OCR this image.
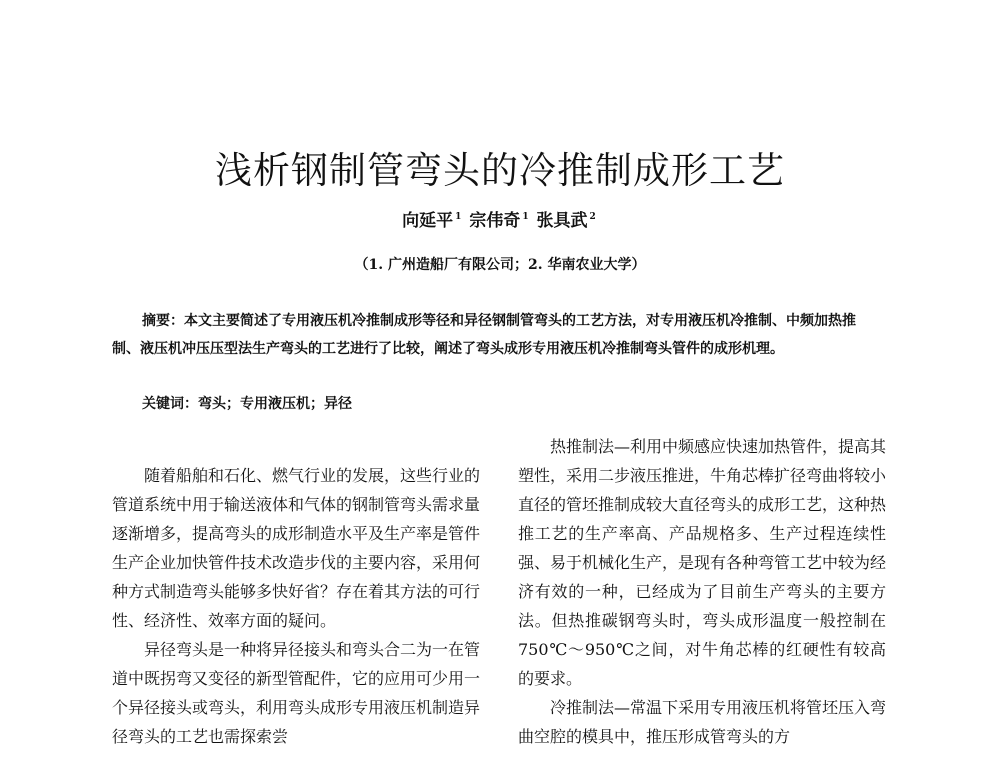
浅析钢制管弯头的冷推制成形工艺
向延平 $^1$ 宗伟奇 $^1$ 张具武 $^2$
（1. 广州造船厂有限公司；2. 华南农业大学）

摘要：本文主要简述了专用液压机冷推制成形等径和异径钢制管弯头的工艺方法，对专用液压机冷推制、中频加热推制、液压机冲压压型法生产弯头的工艺进行了比较，阐述了弯头成形专用液压机冷推制弯头管件的成形机理。

关键词：弯头；专用液压机；异径

随着船舶和石化、燃气行业的发展，这些行业的管道系统中用于输送液体和气体的钢制管弯头需求量逐渐增多，提高弯头的成形制造水平及生产率是管件生产企业加快管件技术改造步伐的主要内容，采用何种方式制造弯头能够多快好省？存在着其方法的可行性、经济性、效率方面的疑问。

异径弯头是一种将异径接头和弯头合二为一在管道中既拐弯又变径的新型管配件，它的应用可少用一个异径接头或弯头，利用弯头成形专用液压机制造异径弯头的工艺也需探索尝

热推制法—利用中频感应快速加热管件，提高其塑性，采用二步液压推进，牛角芯棒扩径弯曲将较小直径的管坯推制成较大直径弯头的成形工艺，这种热推工艺的生产率高、产品规格多、生产过程连续性强、易于机械化生产，是现有各种弯管工艺中较为经济有效的一种，已经成为了目前生产弯头的主要方法。但热推碳钢弯头时，弯头成形温度一般控制在750℃～950℃之间，对牛角芯棒的红硬性有较高的要求。

冷推制法—常温下采用专用液压机将管坯压入弯曲空腔的模具中，推压形成管弯头的方
